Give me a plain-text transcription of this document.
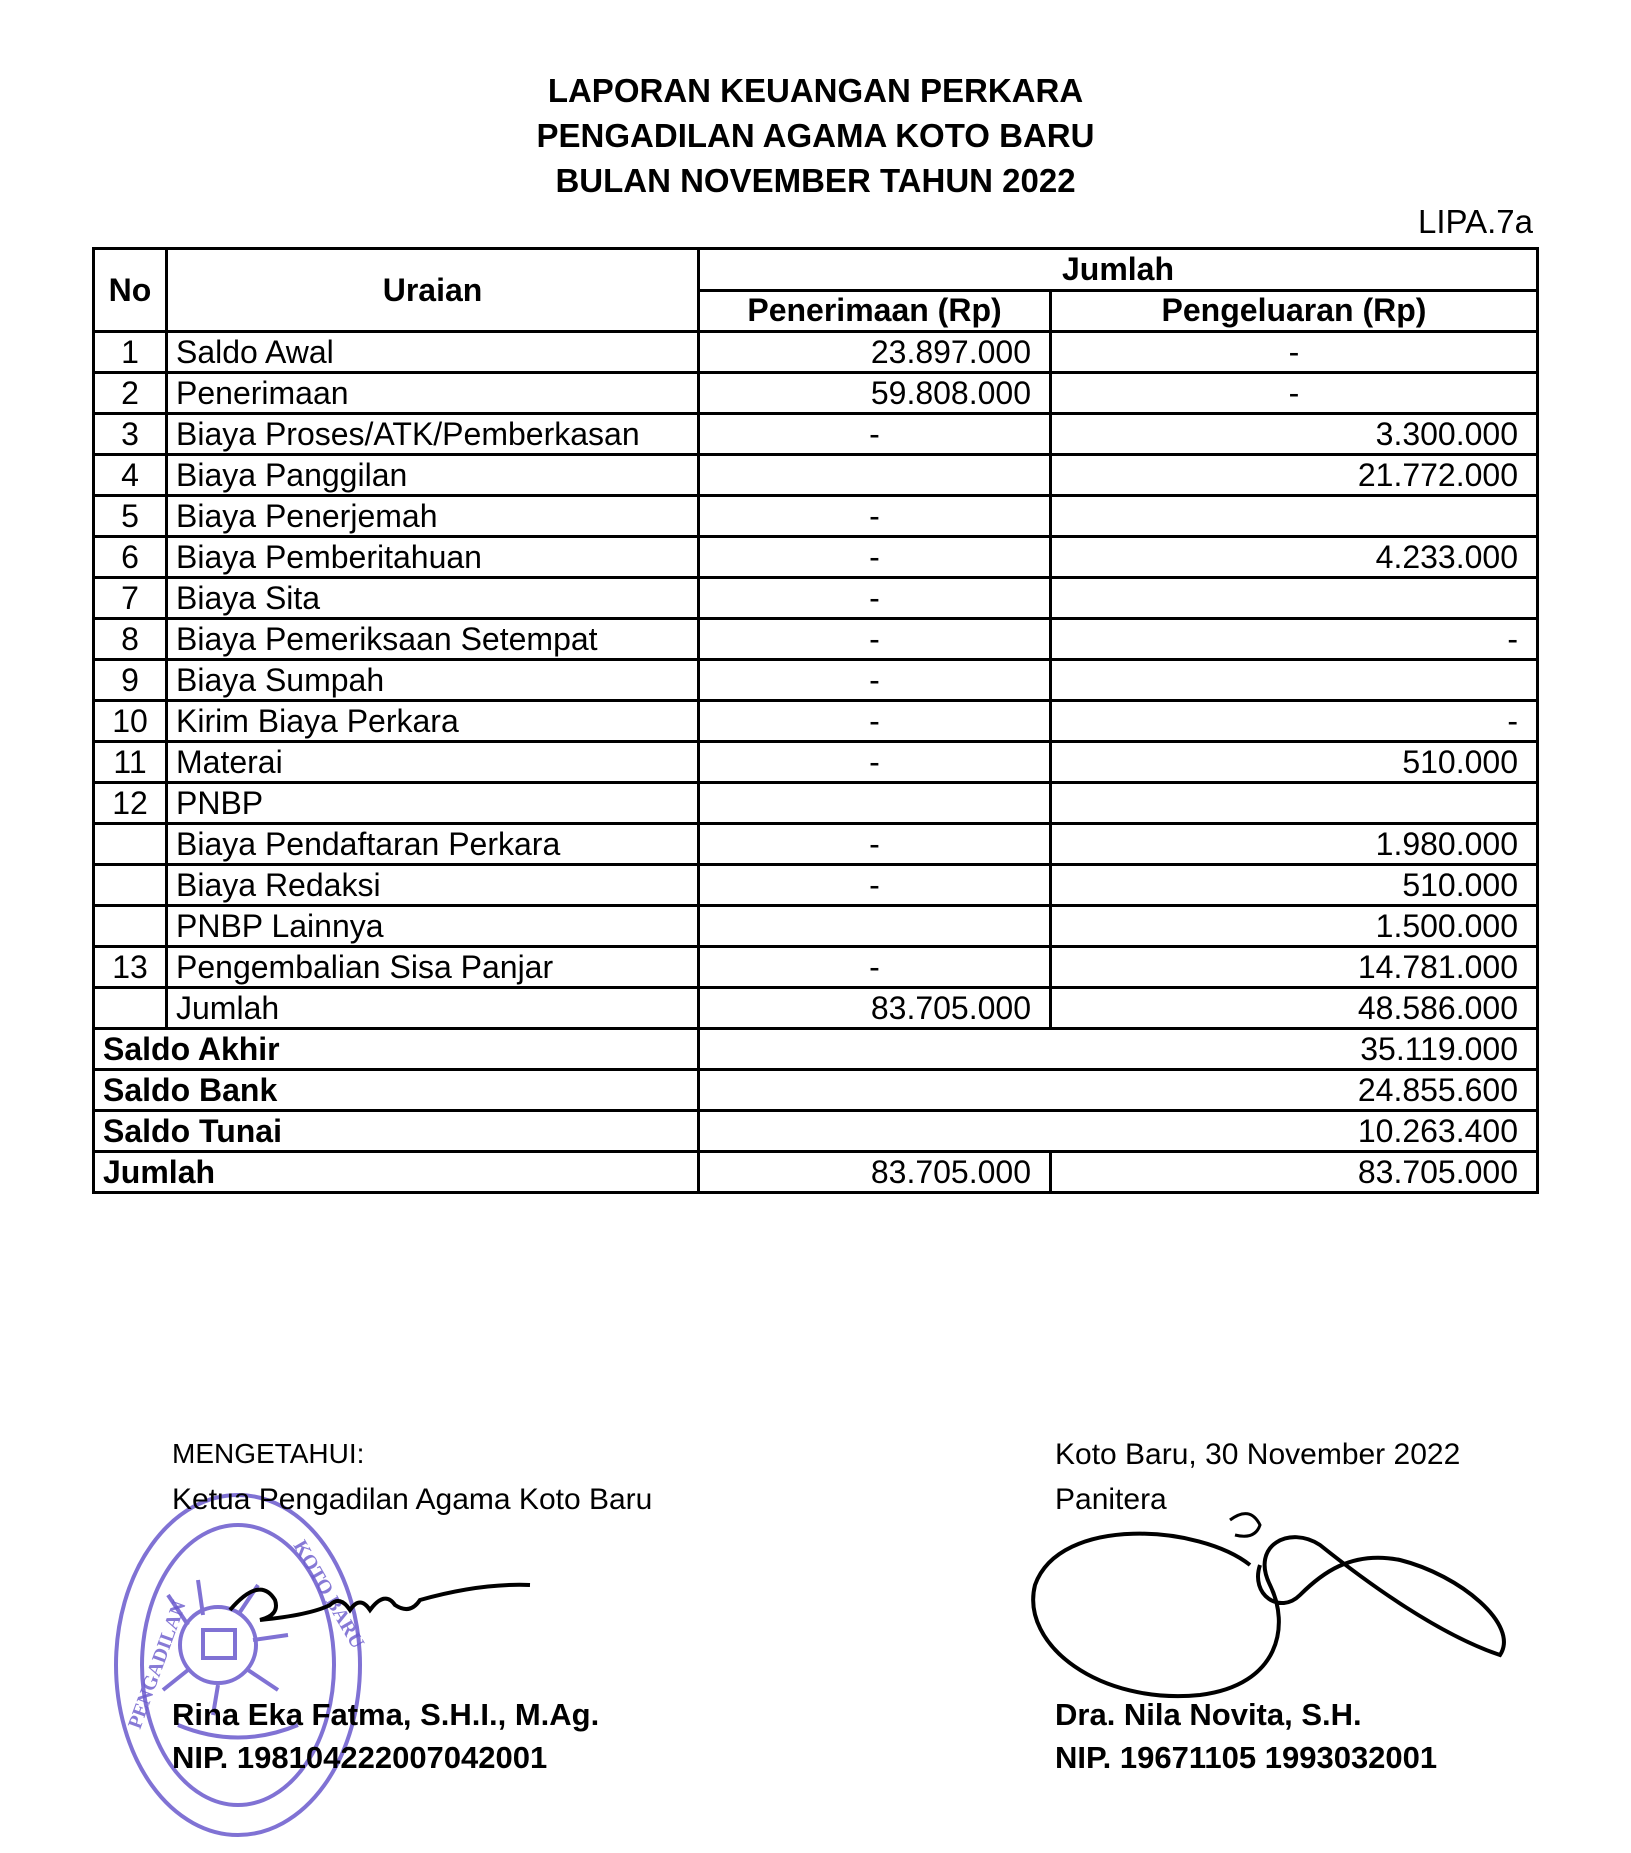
LAPORAN KEUANGAN PERKARA
PENGADILAN AGAMA KOTO BARU
BULAN NOVEMBER TAHUN 2022
LIPA.7a
No	Uraian	Jumlah	
		Penerimaan (Rp)	Pengeluaran (Rp)
1	Saldo Awal	23.897.000	-
2	Penerimaan	59.808.000	-
3	Biaya Proses/ATK/Pemberkasan	-	3.300.000
4	Biaya Panggilan		21.772.000
5	Biaya Penerjemah	-	
6	Biaya Pemberitahuan	-	4.233.000
7	Biaya Sita	-	
8	Biaya Pemeriksaan Setempat	-	-
9	Biaya Sumpah	-	
10	Kirim Biaya Perkara	-	-
11	Materai	-	510.000
12	PNBP		
	Biaya Pendaftaran Perkara	-	1.980.000
	Biaya Redaksi	-	510.000
	PNBP Lainnya		1.500.000
13	Pengembalian Sisa Panjar	-	14.781.000
	Jumlah	83.705.000	48.586.000
Saldo Akhir		35.119.000	
Saldo Bank		24.855.600	
Saldo Tunai		10.263.400	
Jumlah		83.705.000	83.705.000
PENGADILAN
KOTO BARU
MENGETAHUI:
Ketua Pengadilan Agama Koto Baru
Rina Eka Fatma, S.H.I., M.Ag.
NIP. 198104222007042001
Koto Baru, 30 November 2022
Panitera
Dra. Nila Novita, S.H.
NIP. 19671105 1993032001
